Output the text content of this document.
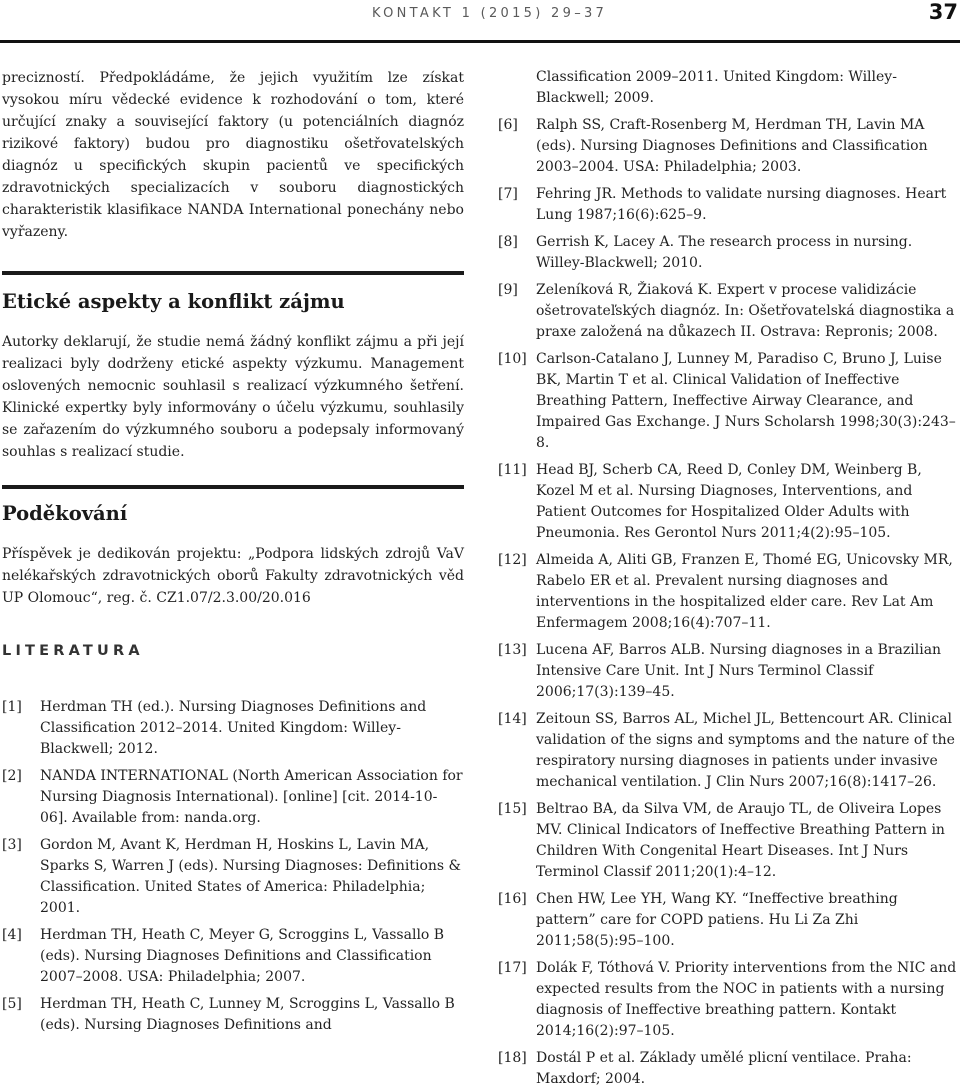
KONTAKT 1 (2015) 29–37	37

precizností. Předpokládáme, že jejich využitím lze získat vysokou míru vědecké evidence k rozhodování o tom, které určující znaky a související faktory (u potenciálních diagnóz rizikové faktory) budou pro diagnostiku ošetřovatelských diagnóz u specifických skupin pacientů ve specifických zdravotnických specializacích v souboru diagnostických charakteristik klasifikace NANDA International ponechány nebo vyřazeny.

Etické aspekty a konflikt zájmu

Autorky deklarují, že studie nemá žádný konflikt zájmu a při její realizaci byly dodrženy etické aspekty výzkumu. Management oslovených nemocnic souhlasil s realizací výzkumného šetření. Klinické expertky byly informovány o účelu výzkumu, souhlasily se zařazením do výzkumného souboru a podepsaly informovaný souhlas s realizací studie.

Poděkování

Příspěvek je dedikován projektu: „Podpora lidských zdrojů VaV nelékařských zdravotnických oborů Fakulty zdravotnických věd UP Olomouc“, reg. č. CZ1.07/2.3.00/20.016

LITERATURA
[1] Herdman TH (ed.). Nursing Diagnoses Definitions and Classification 2012–2014. United Kingdom: Willey-Blackwell; 2012.
[2] NANDA INTERNATIONAL (North American Association for Nursing Diagnosis International). [online] [cit. 2014-10-06]. Available from: nanda.org.
[3] Gordon M, Avant K, Herdman H, Hoskins L, Lavin MA, Sparks S, Warren J (eds). Nursing Diagnoses: Definitions & Classification. United States of America: Philadelphia; 2001.
[4] Herdman TH, Heath C, Meyer G, Scroggins L, Vassallo B (eds). Nursing Diagnoses Definitions and Classification 2007–2008. USA: Philadelphia; 2007.
[5] Herdman TH, Heath C, Lunney M, Scroggins L, Vassallo B (eds). Nursing Diagnoses Definitions and
Classification 2009–2011. United Kingdom: Willey-Blackwell; 2009.
[6] Ralph SS, Craft-Rosenberg M, Herdman TH, Lavin MA (eds). Nursing Diagnoses Definitions and Classification 2003–2004. USA: Philadelphia; 2003.
[7] Fehring JR. Methods to validate nursing diagnoses. Heart Lung 1987;16(6):625–9.
[8] Gerrish K, Lacey A. The research process in nursing. Willey-Blackwell; 2010.
[9] Zeleníková R, Žiaková K. Expert v procese validizácie ošetrovateľských diagnóz. In: Ošetřovatelská diagnostika a praxe založená na důkazech II. Ostrava: Repronis; 2008.
[10] Carlson-Catalano J, Lunney M, Paradiso C, Bruno J, Luise BK, Martin T et al. Clinical Validation of Ineffective Breathing Pattern, Ineffective Airway Clearance, and Impaired Gas Exchange. J Nurs Scholarsh 1998;30(3):243–8.
[11] Head BJ, Scherb CA, Reed D, Conley DM, Weinberg B, Kozel M et al. Nursing Diagnoses, Interventions, and Patient Outcomes for Hospitalized Older Adults with Pneumonia. Res Gerontol Nurs 2011;4(2):95–105.
[12] Almeida A, Aliti GB, Franzen E, Thomé EG, Unicovsky MR, Rabelo ER et al. Prevalent nursing diagnoses and interventions in the hospitalized elder care. Rev Lat Am Enfermagem 2008;16(4):707–11.
[13] Lucena AF, Barros ALB. Nursing diagnoses in a Brazilian Intensive Care Unit. Int J Nurs Terminol Classif 2006;17(3):139–45.
[14] Zeitoun SS, Barros AL, Michel JL, Bettencourt AR. Clinical validation of the signs and symptoms and the nature of the respiratory nursing diagnoses in patients under invasive mechanical ventilation. J Clin Nurs 2007;16(8):1417–26.
[15] Beltrao BA, da Silva VM, de Araujo TL, de Oliveira Lopes MV. Clinical Indicators of Ineffective Breathing Pattern in Children With Congenital Heart Diseases. Int J Nurs Terminol Classif 2011;20(1):4–12.
[16] Chen HW, Lee YH, Wang KY. “Ineffective breathing pattern” care for COPD patiens. Hu Li Za Zhi 2011;58(5):95–100.
[17] Dolák F, Tóthová V. Priority interventions from the NIC and expected results from the NOC in patients with a nursing diagnosis of Ineffective breathing pattern. Kontakt 2014;16(2):97–105.
[18] Dostál P et al. Základy umělé plicní ventilace. Praha: Maxdorf; 2004.
